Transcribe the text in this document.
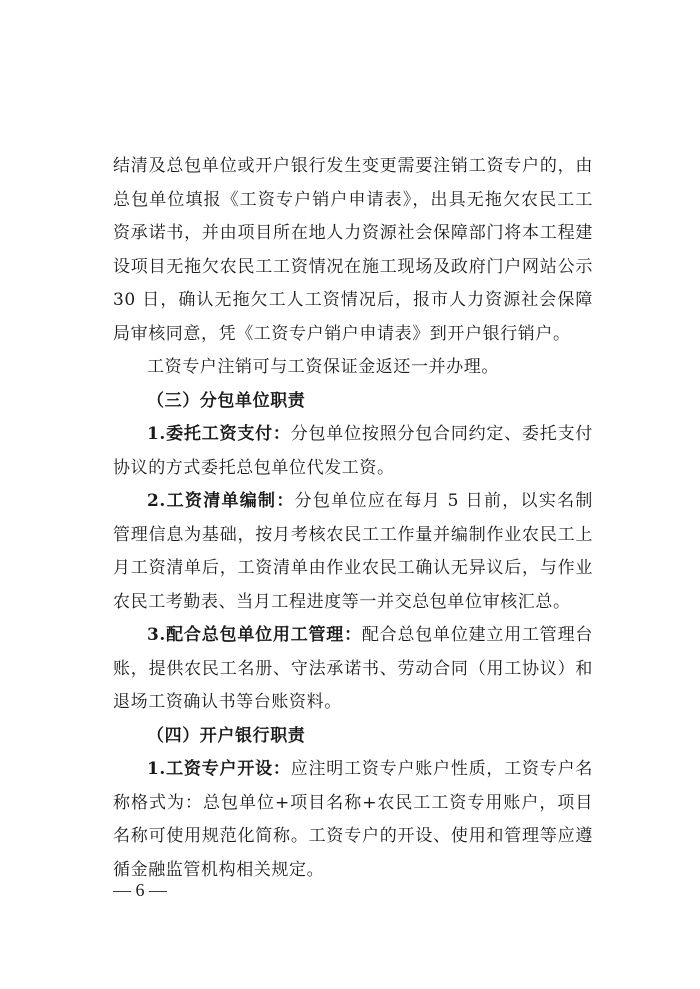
结清及总包单位或开户银行发生变更需要注销工资专户的，由总包单位填报《工资专户销户申请表》，出具无拖欠农民工工资承诺书，并由项目所在地人力资源社会保障部门将本工程建设项目无拖欠农民工工资情况在施工现场及政府门户网站公示 30 日，确认无拖欠工人工资情况后，报市人力资源社会保障局审核同意，凭《工资专户销户申请表》到开户银行销户。

工资专户注销可与工资保证金返还一并办理。

（三）分包单位职责

1.委托工资支付：分包单位按照分包合同约定、委托支付协议的方式委托总包单位代发工资。

2.工资清单编制：分包单位应在每月 5 日前，以实名制管理信息为基础，按月考核农民工工作量并编制作业农民工上月工资清单后，工资清单由作业农民工确认无异议后，与作业农民工考勤表、当月工程进度等一并交总包单位审核汇总。

3.配合总包单位用工管理：配合总包单位建立用工管理台账，提供农民工名册、守法承诺书、劳动合同（用工协议）和退场工资确认书等台账资料。

（四）开户银行职责

1.工资专户开设：应注明工资专户账户性质，工资专户名称格式为：总包单位+项目名称+农民工工资专用账户，项目名称可使用规范化简称。工资专户的开设、使用和管理等应遵循金融监管机构相关规定。

— 6 —
